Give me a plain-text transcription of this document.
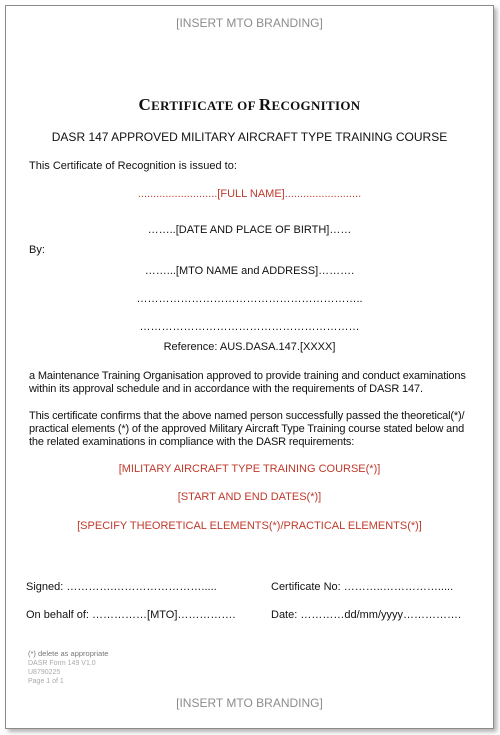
[INSERT MTO BRANDING]
CERTIFICATE OF RECOGNITION
DASR 147 APPROVED MILITARY AIRCRAFT TYPE TRAINING COURSE
This Certificate of Recognition is issued to:
..........................[FULL NAME].........................
……..[DATE AND PLACE OF BIRTH]……
By:
……...[MTO NAME and ADDRESS]……….
……………………………………………………..
……………………………………………………
Reference: AUS.DASA.147.[XXXX]
a Maintenance Training Organisation approved to provide training and conduct examinations within its approval schedule and in accordance with the requirements of DASR 147.
This certificate confirms that the above named person successfully passed the theoretical(*)/ practical elements (*) of the approved Military Aircraft Type Training course stated below and the related examinations in compliance with the DASR requirements:
[MILITARY AIRCRAFT TYPE TRAINING COURSE(*)]
[START AND END DATES(*)]
[SPECIFY THEORETICAL ELEMENTS(*)/PRACTICAL ELEMENTS(*)]
Signed: ………….…………………….....	Certificate No: ………..…………….....
On behalf of: ……………[MTO]…………….	Date: …………dd/mm/yyyy…………….
(*) delete as appropriate
DASR Form 149 V1.0
U8790225
Page 1 of 1
[INSERT MTO BRANDING]
